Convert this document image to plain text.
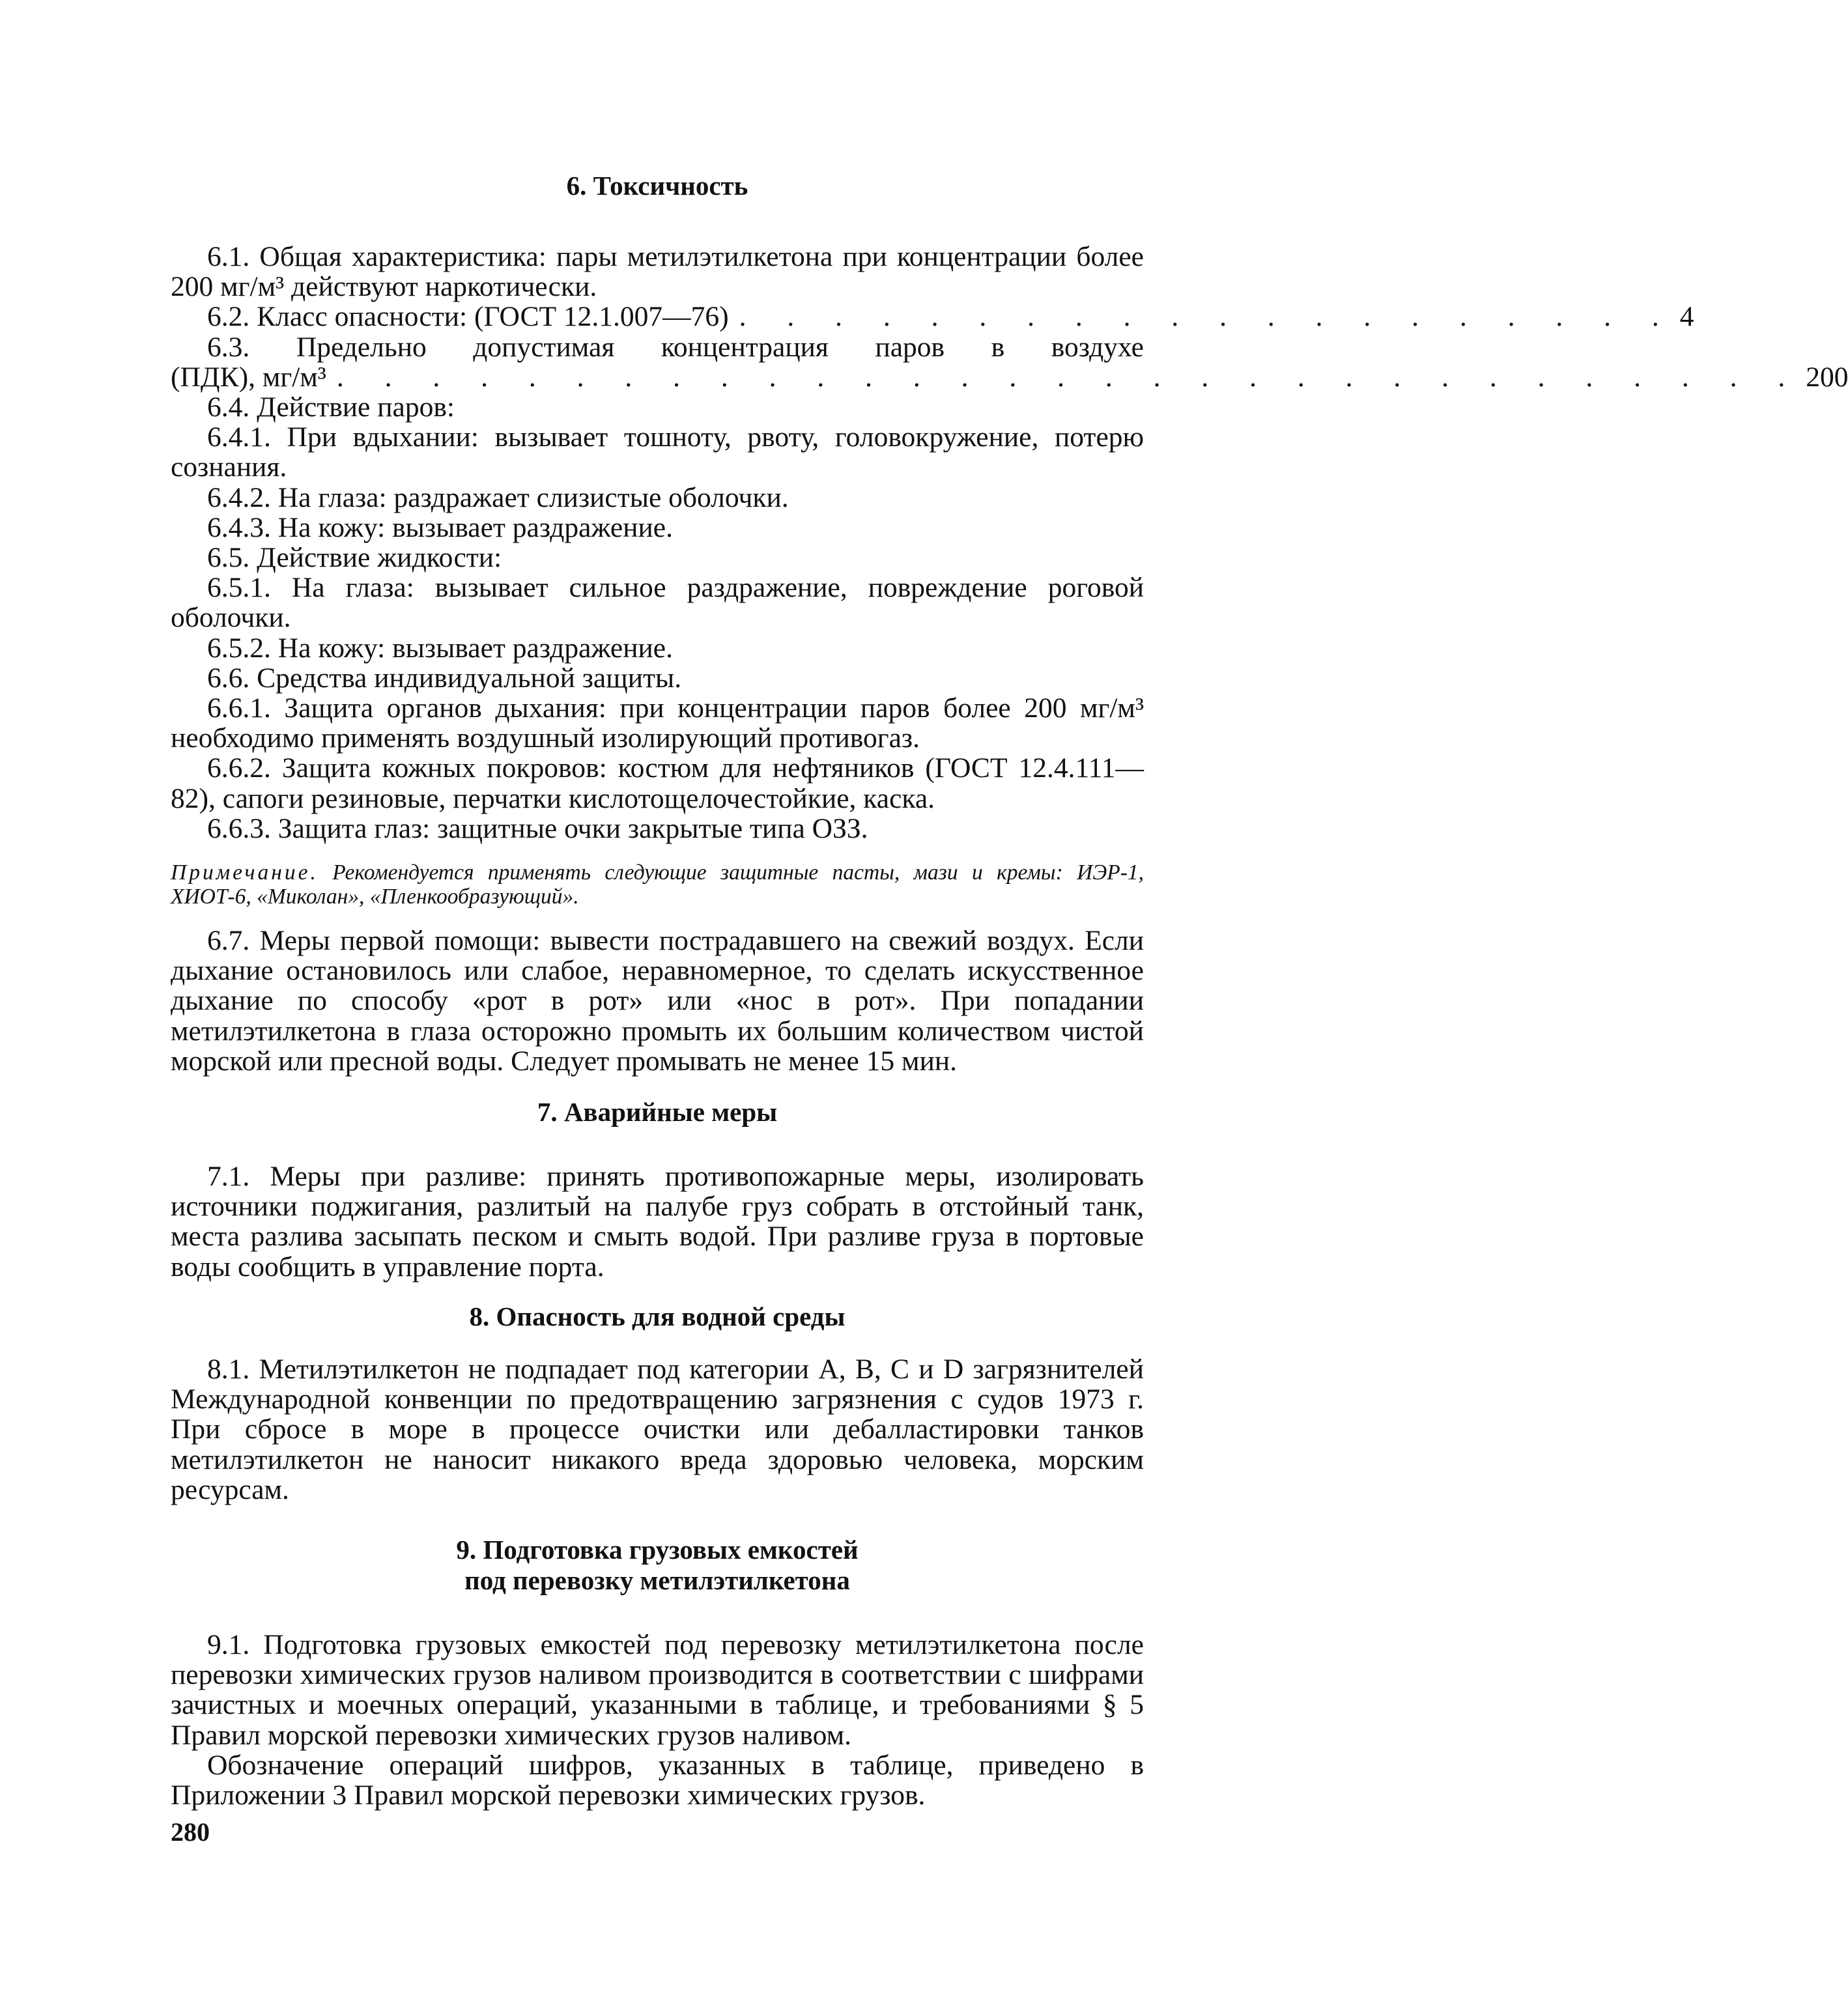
6. Токсичность

6.1. Общая характеристика: пары метилэтилкетона при концентрации более 200 мг/м³ действуют наркотически.

6.2. Класс опасности: (ГОСТ 12.1.007—76) . . . . . . . . . . . . . . . . . . . . 4

6.3. Предельно допустимая концентрация паров в воздухе

(ПДК), мг/м³ . . . . . . . . . . . . . . . . . . . . . . . . . . . . . . . 200

6.4. Действие паров:

6.4.1. При вдыхании: вызывает тошноту, рвоту, головокружение, потерю сознания.

6.4.2. На глаза: раздражает слизистые оболочки.

6.4.3. На кожу: вызывает раздражение.

6.5. Действие жидкости:

6.5.1. На глаза: вызывает сильное раздражение, повреждение роговой оболочки.

6.5.2. На кожу: вызывает раздражение.

6.6. Средства индивидуальной защиты.

6.6.1. Защита органов дыхания: при концентрации паров более 200 мг/м³ необходимо применять воздушный изолирующий противогаз.

6.6.2. Защита кожных покровов: костюм для нефтяников (ГОСТ 12.4.111—82), сапоги резиновые, перчатки кислотощелочестойкие, каска.

6.6.3. Защита глаз: защитные очки закрытые типа ОЗЗ.

Примечание. Рекомендуется применять следующие защитные пасты, мази и кремы: ИЭР-1, ХИОТ-6, «Миколан», «Пленкообразующий».

6.7. Меры первой помощи: вывести пострадавшего на свежий воздух. Если дыхание остановилось или слабое, неравномерное, то сделать искусственное дыхание по способу «рот в рот» или «нос в рот». При попадании метилэтилкетона в глаза осторожно промыть их большим количеством чистой морской или пресной воды. Следует промывать не менее 15 мин.

7. Аварийные меры

7.1. Меры при разливе: принять противопожарные меры, изолировать источники поджигания, разлитый на палубе груз собрать в отстойный танк, места разлива засыпать песком и смыть водой. При разливе груза в портовые воды сообщить в управление порта.

8. Опасность для водной среды

8.1. Метилэтилкетон не подпадает под категории A, B, C и D загрязнителей Международной конвенции по предотвращению загрязнения с судов 1973 г. При сбросе в море в процессе очистки или дебалластировки танков метилэтилкетон не наносит никакого вреда здоровью человека, морским ресурсам.

9. Подготовка грузовых емкостей
под перевозку метилэтилкетона

9.1. Подготовка грузовых емкостей под перевозку метилэтилкетона после перевозки химических грузов наливом производится в соответствии с шифрами зачистных и моечных операций, указанными в таблице, и требованиями § 5 Правил морской перевозки химических грузов наливом.

Обозначение операций шифров, указанных в таблице, приведено в Приложении 3 Правил морской перевозки химических грузов.

280
